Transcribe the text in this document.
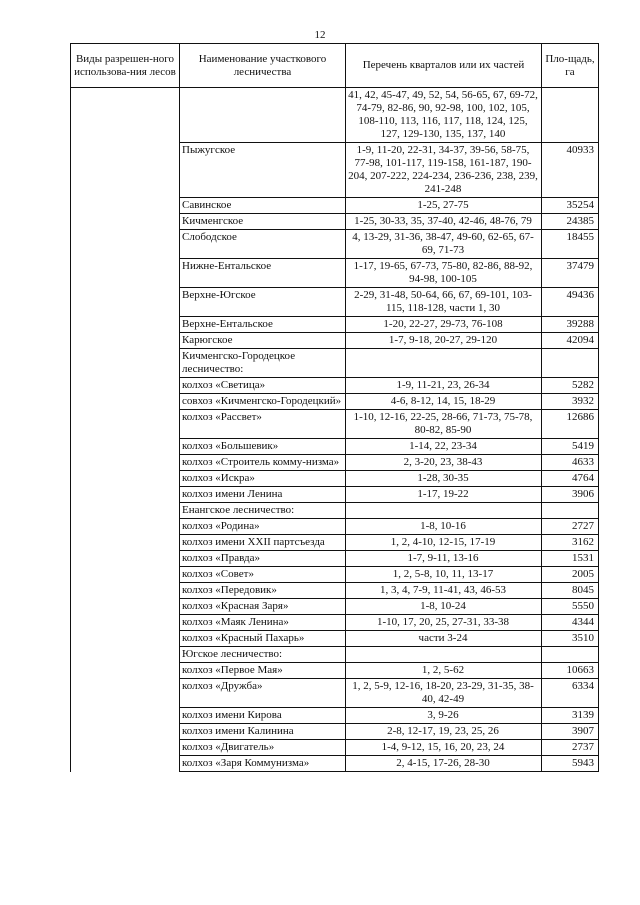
12
Виды разрешен-ного использова-ния лесов	Наименование участкового лесничества	Перечень кварталов или их частей	Пло-щадь, га
		41, 42, 45-47, 49, 52, 54, 56-65, 67, 69-72, 74-79, 82-86, 90, 92-98, 100, 102, 105, 108-110, 113, 116, 117, 118, 124, 125, 127, 129-130, 135, 137, 140	
	Пыжугское	1-9, 11-20, 22-31, 34-37, 39-56, 58-75, 77-98, 101-117, 119-158, 161-187, 190-204, 207-222, 224-234, 236-236, 238, 239, 241-248	40933
	Савинское	1-25, 27-75	35254
	Кичменгское	1-25, 30-33, 35, 37-40, 42-46, 48-76, 79	24385
	Слободское	4, 13-29, 31-36, 38-47, 49-60, 62-65, 67-69, 71-73	18455
	Нижне-Ентальское	1-17, 19-65, 67-73, 75-80, 82-86, 88-92, 94-98, 100-105	37479
	Верхне-Югское	2-29, 31-48, 50-64, 66, 67, 69-101, 103-115, 118-128, части 1, 30	49436
	Верхне-Ентальское	1-20, 22-27, 29-73, 76-108	39288
	Карюгское	1-7, 9-18, 20-27, 29-120	42094
	Кичменгско-Городецкое лесничество:		
	колхоз «Светица»	1-9, 11-21, 23, 26-34	5282
	совхоз «Кичменгско-Городецкий»	4-6, 8-12, 14, 15, 18-29	3932
	колхоз «Рассвет»	1-10, 12-16, 22-25, 28-66, 71-73, 75-78, 80-82, 85-90	12686
	колхоз «Большевик»	1-14, 22, 23-34	5419
	колхоз «Строитель комму-низма»	2, 3-20, 23, 38-43	4633
	колхоз «Искра»	1-28, 30-35	4764
	колхоз имени Ленина	1-17, 19-22	3906
	Енангское лесничество:		
	колхоз «Родина»	1-8, 10-16	2727
	колхоз имени XXII партсъезда	1, 2, 4-10, 12-15, 17-19	3162
	колхоз «Правда»	1-7, 9-11, 13-16	1531
	колхоз «Совет»	1, 2, 5-8, 10, 11, 13-17	2005
	колхоз «Передовик»	1, 3, 4, 7-9, 11-41, 43, 46-53	8045
	колхоз «Красная Заря»	1-8, 10-24	5550
	колхоз «Маяк Ленина»	1-10, 17, 20, 25, 27-31, 33-38	4344
	колхоз «Красный Пахарь»	части 3-24	3510
	Югское лесничество:		
	колхоз «Первое Мая»	1, 2, 5-62	10663
	колхоз «Дружба»	1, 2, 5-9, 12-16, 18-20, 23-29, 31-35, 38-40, 42-49	6334
	колхоз имени Кирова	3, 9-26	3139
	колхоз имени Калинина	2-8, 12-17, 19, 23, 25, 26	3907
	колхоз «Двигатель»	1-4, 9-12, 15, 16, 20, 23, 24	2737
	колхоз «Заря Коммунизма»	2, 4-15, 17-26, 28-30	5943
